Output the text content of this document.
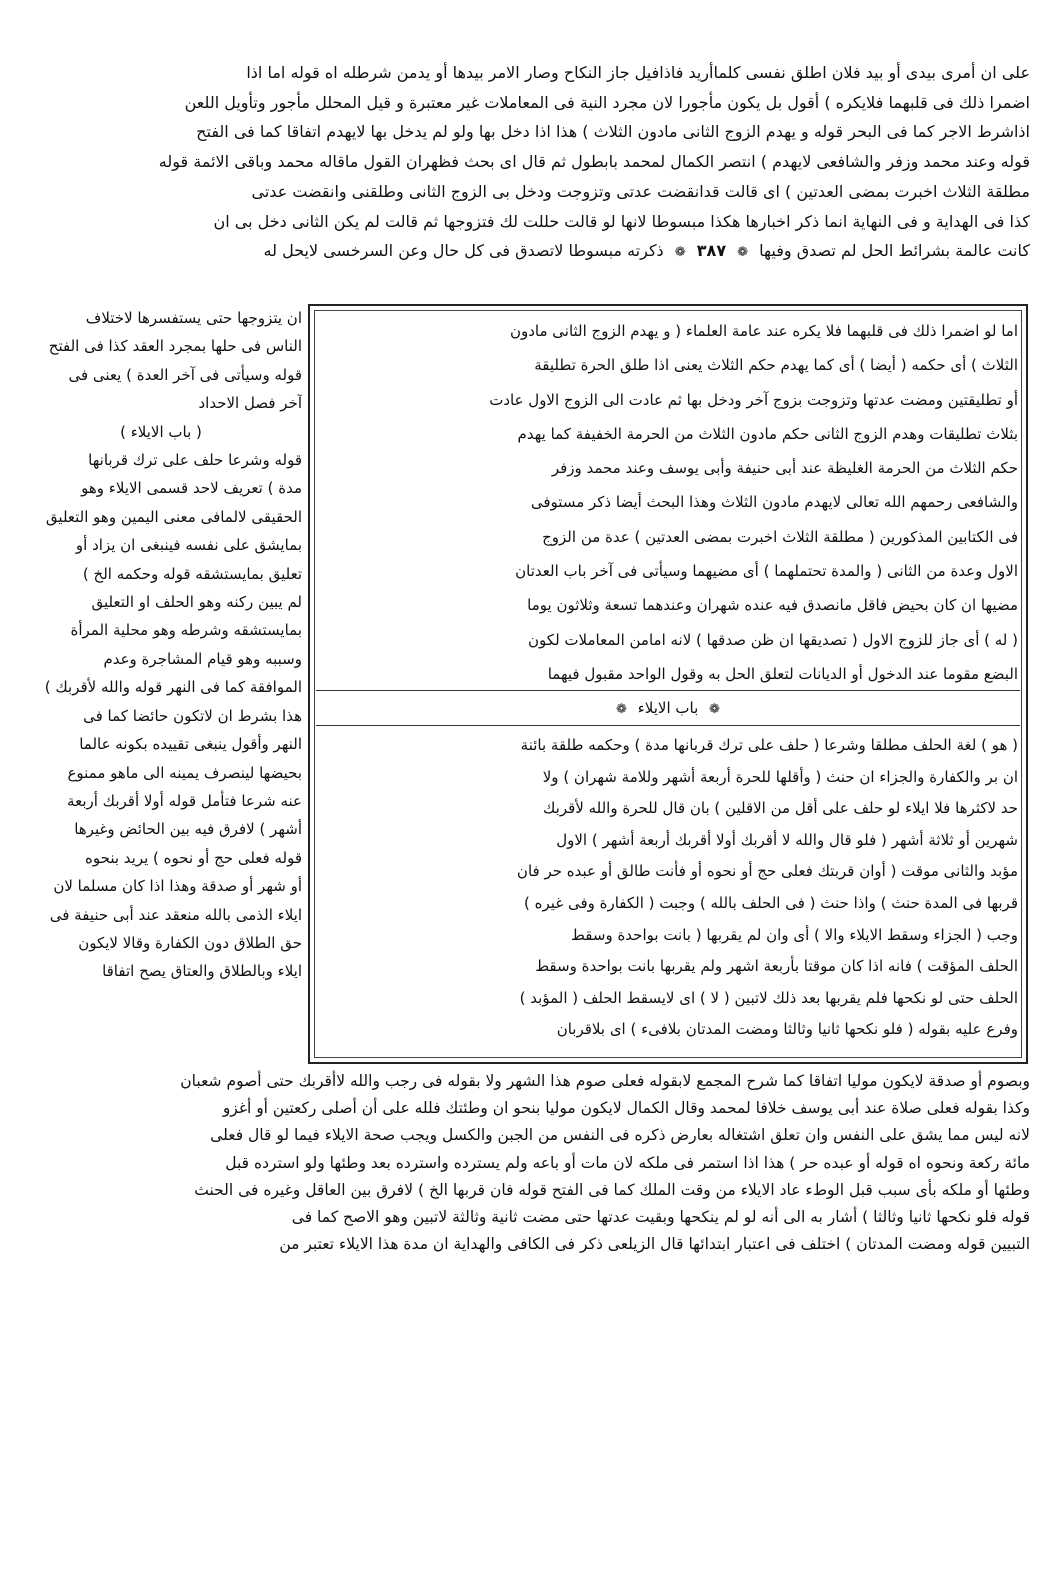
على ان أمرى بيدى أو بيد فلان اطلق نفسى كلماأريد فاذافيل جاز النكاح وصار الامر بيدها أو يدمن شرطله اه قوله اما اذا
اضمرا ذلك فى قلبهما فلايكره ) أقول بل يكون مأجورا لان مجرد النية فى المعاملات غير معتبرة و قيل المحلل مأجور وتأويل اللعن
اذاشرط الاجر كما فى البحر قوله و يهدم الزوج الثانى مادون الثلاث ) هذا اذا دخل بها ولو لم يدخل بها لايهدم اتفاقا كما فى الفتح
قوله وعند محمد وزفر والشافعى لايهدم ) انتصر الكمال لمحمد بابطول ثم قال اى بحث فظهران القول ماقاله محمد وباقى الائمة قوله
مطلقة الثلاث اخبرت بمضى العدتين ) اى قالت قدانقضت عدتى وتزوجت ودخل بى الزوج الثانى وطلقنى وانقضت عدتى
كذا فى الهداية و فى النهاية انما ذكر اخبارها هكذا مبسوطا لانها لو قالت حللت لك فتزوجها ثم قالت لم يكن الثانى دخل بى ان
كانت عالمة بشرائط الحل لم تصدق وفيها ❁ ٣٨٧ ❁ ذكرته مبسوطا لاتصدق فى كل حال وعن السرخسى لايحل له
اما لو اضمرا ذلك فى قلبهما فلا يكره عند عامة العلماء ( و يهدم الزوج الثانى مادون
الثلاث ) أى حكمه ( أيضا ) أى كما يهدم حكم الثلاث يعنى اذا طلق الحرة تطليقة
أو تطليقتين ومضت عدتها وتزوجت بزوج آخر ودخل بها ثم عادت الى الزوج الاول عادت
بثلاث تطليقات وهدم الزوج الثانى حكم مادون الثلاث من الحرمة الخفيفة كما يهدم
حكم الثلاث من الحرمة الغليظة عند أبى حنيفة وأبى يوسف وعند محمد وزفر
والشافعى رحمهم الله تعالى لايهدم مادون الثلاث وهذا البحث أيضا ذكر مستوفى
فى الكتابين المذكورين ( مطلقة الثلاث اخبرت بمضى العدتين ) عدة من الزوج
الاول وعدة من الثانى ( والمدة تحتملهما ) أى مضيهما وسيأتى فى آخر باب العدتان
مضيها ان كان بحيض فاقل مانصدق فيه عنده شهران وعندهما تسعة وثلاثون يوما
( له ) أى جاز للزوج الاول ( تصديقها ان ظن صدقها ) لانه امامن المعاملات لكون
البضع مقوما عند الدخول أو الديانات لتعلق الحل به وقول الواحد مقبول فيهما
❁ باب الايلاء ❁
( هو ) لغة الحلف مطلقا وشرعا ( حلف على ترك قربانها مدة ) وحكمه طلقة بائنة
ان بر والكفارة والجزاء ان حنث ( وأقلها للحرة أربعة أشهر وللامة شهران ) ولا
حد لاكثرها فلا ايلاء لو حلف على أقل من الاقلين ) بان قال للحرة والله لأقربك
شهرين أو ثلاثة أشهر ( فلو قال والله لا أقربك أولا أقربك أربعة أشهر ) الاول
مؤبد والثانى موقت ( أوان قربتك فعلى حج أو نحوه أو فأنت طالق أو عبده حر فان
قربها فى المدة حنث ) واذا حنث ( فى الحلف بالله ) وجبت ( الكفارة وفى غيره )
وجب ( الجزاء وسقط الايلاء والا ) أى وان لم يقربها ( بانت بواحدة وسقط
الحلف المؤقت ) فانه اذا كان موقتا بأربعة اشهر ولم يقربها بانت بواحدة وسقط
الحلف حتى لو نكحها فلم يقربها بعد ذلك لاتبين ( لا ) اى لايسقط الحلف ( المؤبد )
وفرع عليه بقوله ( فلو نكحها ثانيا وثالثا ومضت المدتان بلافىء ) اى بلاقربان
ان يتزوجها حتى يستفسرها لاختلاف
الناس فى حلها بمجرد العقد كذا فى الفتح
قوله وسيأتى فى آخر العدة ) يعنى فى
آخر فصل الاحداد
( باب الايلاء )
قوله وشرعا حلف على ترك قربانها
مدة ) تعريف لاحد قسمى الايلاء وهو
الحقيقى لالمافى معنى اليمين وهو التعليق
بمايشق على نفسه فينبغى ان يزاد أو
تعليق بمايستشقه قوله وحكمه الخ )
لم يبين ركنه وهو الحلف او التعليق
بمايستشقه وشرطه وهو محلية المرأة
وسببه وهو قيام المشاجرة وعدم
الموافقة كما فى النهر قوله والله لأقربك )
هذا بشرط ان لاتكون حائضا كما فى
النهر وأقول ينبغى تقييده بكونه عالما
بحيضها لينصرف يمينه الى ماهو ممنوع
عنه شرعا فتأمل قوله أولا أقربك أربعة
أشهر ) لافرق فيه بين الحائض وغيرها
قوله فعلى حج أو نحوه ) يريد بنحوه
أو شهر أو صدقة وهذا اذا كان مسلما لان
ايلاء الذمى بالله منعقد عند أبى حنيفة فى
حق الطلاق دون الكفارة وقالا لايكون
ايلاء وبالطلاق والعتاق يصح اتفاقا
وبصوم أو صدقة لايكون موليا اتفاقا كما شرح المجمع لابقوله فعلى صوم هذا الشهر ولا بقوله فى رجب والله لاأقربك حتى أصوم شعبان
وكذا بقوله فعلى صلاة عند أبى يوسف خلافا لمحمد وقال الكمال لايكون موليا بنحو ان وطئتك فلله على أن أصلى ركعتين أو أغزو
لانه ليس مما يشق على النفس وان تعلق اشتغاله بعارض ذكره فى النفس من الجبن والكسل ويجب صحة الايلاء فيما لو قال فعلى
مائة ركعة ونحوه اه قوله أو عبده حر ) هذا اذا استمر فى ملكه لان مات أو باعه ولم يسترده واسترده بعد وطئها ولو استرده قبل
وطئها أو ملكه بأى سبب قبل الوطء عاد الايلاء من وقت الملك كما فى الفتح قوله فان قربها الخ ) لافرق بين العاقل وغيره فى الحنث
قوله فلو نكحها ثانيا وثالثا ) أشار به الى أنه لو لم ينكحها وبقيت عدتها حتى مضت ثانية وثالثة لاتبين وهو الاصح كما فى
التبيين قوله ومضت المدتان ) اختلف فى اعتبار ابتدائها قال الزيلعى ذكر فى الكافى والهداية ان مدة هذا الايلاء تعتبر من
